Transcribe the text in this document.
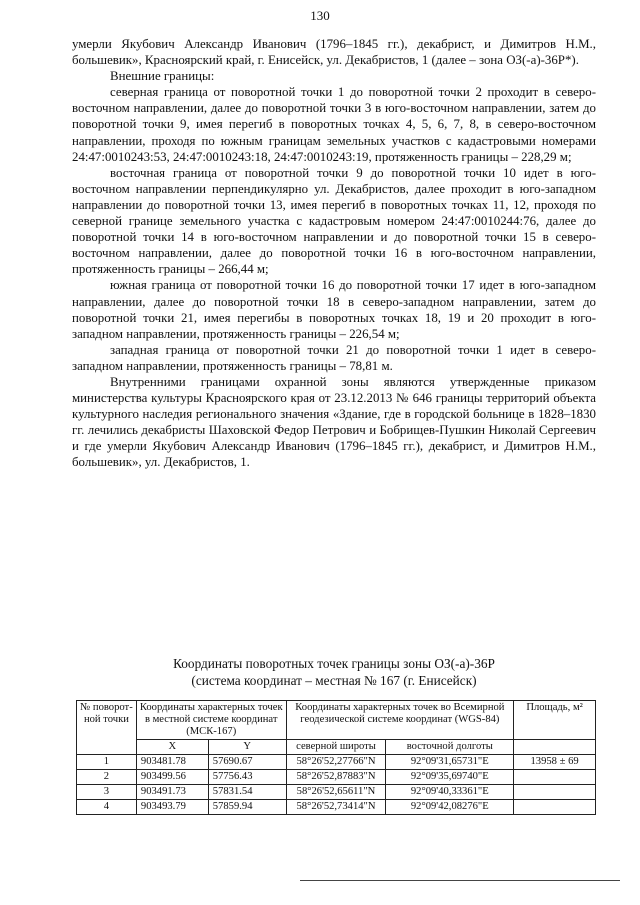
130

умерли Якубович Александр Иванович (1796–1845 гг.), декабрист, и Димитров Н.М., большевик», Красноярский край, г. Енисейск, ул. Декабристов, 1 (далее – зона ОЗ(-а)-36Р*).

Внешние границы:

северная граница от поворотной точки 1 до поворотной точки 2 проходит в северо-восточном направлении, далее до поворотной точки 3 в юго-восточном направлении, затем до поворотной точки 9, имея перегиб в поворотных точках 4, 5, 6, 7, 8, в северо-восточном направлении, проходя по южным границам земельных участков с кадастровыми номерами 24:47:0010243:53, 24:47:0010243:18, 24:47:0010243:19, протяженность границы – 228,29 м;

восточная граница от поворотной точки 9 до поворотной точки 10 идет в юго-восточном направлении перпендикулярно ул. Декабристов, далее проходит в юго-западном направлении до поворотной точки 13, имея перегиб в поворотных точках 11, 12, проходя по северной границе земельного участка с кадастровым номером 24:47:0010244:76, далее до поворотной точки 14 в юго-восточном направлении и до поворотной точки 15 в северо-восточном направлении, далее до поворотной точки 16 в юго-восточном направлении, протяженность границы – 266,44 м;

южная граница от поворотной точки 16 до поворотной точки 17 идет в юго-западном направлении, далее до поворотной точки 18 в северо-западном направлении, затем до поворотной точки 21, имея перегибы в поворотных точках 18, 19 и 20 проходит в юго-западном направлении, протяженность границы – 226,54 м;

западная граница от поворотной точки 21 до поворотной точки 1 идет в северо-западном направлении, протяженность границы – 78,81 м.

Внутренними границами охранной зоны являются утвержденные приказом министерства культуры Красноярского края от 23.12.2013 № 646 границы территорий объекта культурного наследия регионального значения «Здание, где в городской больнице в 1828–1830 гг. лечились декабристы Шаховской Федор Петрович и Бобрищев-Пушкин Николай Сергеевич и где умерли Якубович Александр Иванович (1796–1845 гг.), декабрист, и Димитров Н.М., большевик», ул. Декабристов, 1.

Координаты поворотных точек границы зоны ОЗ(-а)-36Р
(система координат – местная № 167 (г. Енисейск)
№ поворот-ной точки	Координаты характерных точек в местной системе координат (МСК-167)		Координаты характерных точек во Всемирной геодезической системе координат (WGS-84)		Площадь, м²
	X	Y	северной широты	восточной долготы	
1	903481.78	57690.67	58°26'52,27766"N	92°09'31,65731"E	13958 ± 69
2	903499.56	57756.43	58°26'52,87883"N	92°09'35,69740"E	
3	903491.73	57831.54	58°26'52,65611"N	92°09'40,33361"E	
4	903493.79	57859.94	58°26'52,73414"N	92°09'42,08276"E	
